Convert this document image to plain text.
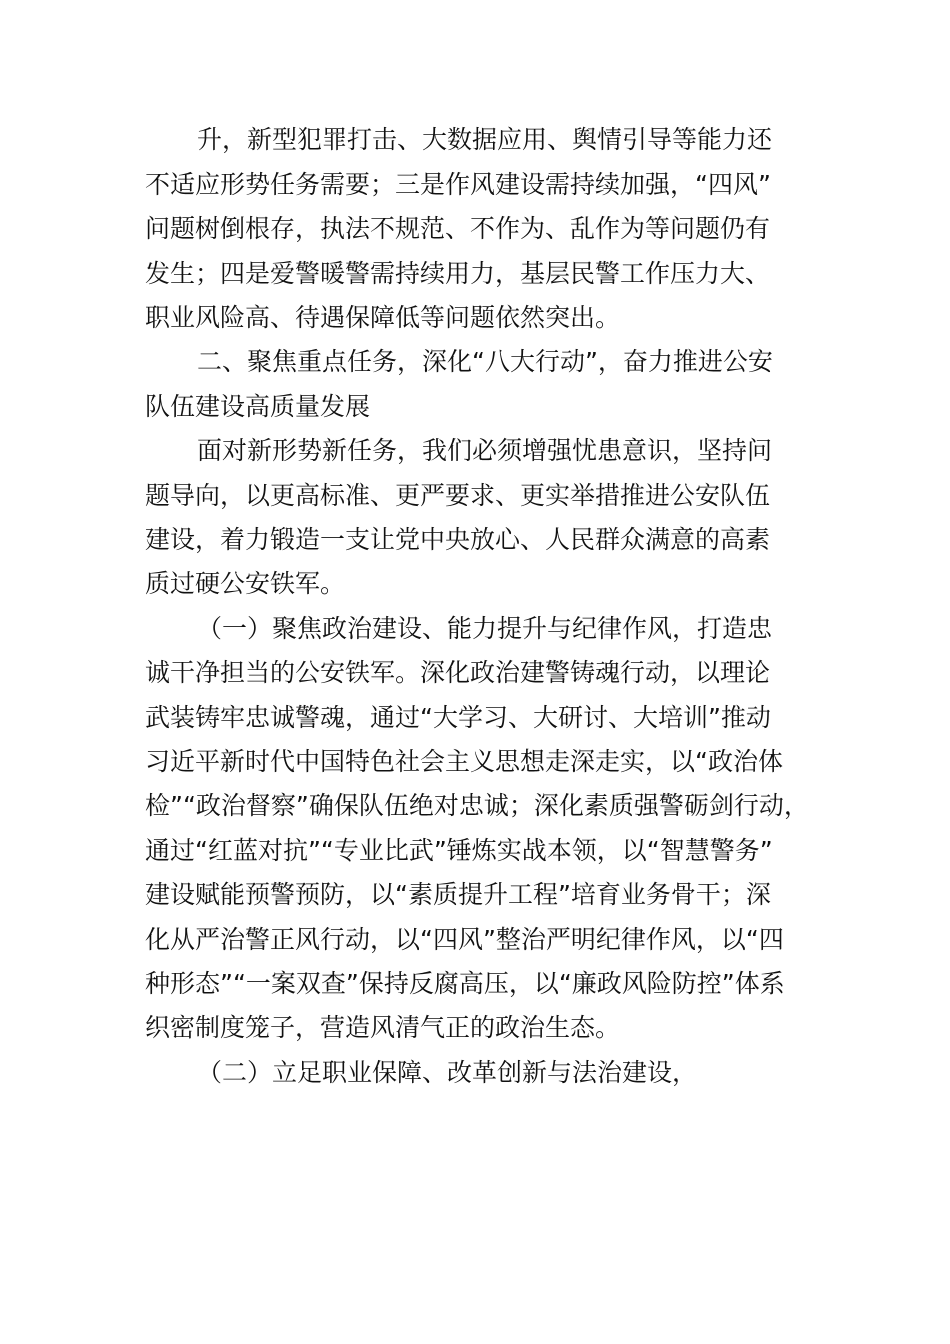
升，新型犯罪打击、大数据应用、舆情引导等能力还
不适应形势任务需要；三是作风建设需持续加强，“四风”
问题树倒根存，执法不规范、不作为、乱作为等问题仍有
发生；四是爱警暖警需持续用力，基层民警工作压力大、
职业风险高、待遇保障低等问题依然突出。
二、聚焦重点任务，深化“八大行动”，奋力推进公安
队伍建设高质量发展
面对新形势新任务，我们必须增强忧患意识，坚持问
题导向，以更高标准、更严要求、更实举措推进公安队伍
建设，着力锻造一支让党中央放心、人民群众满意的高素
质过硬公安铁军。
（一）聚焦政治建设、能力提升与纪律作风，打造忠
诚干净担当的公安铁军。深化政治建警铸魂行动，以理论
武装铸牢忠诚警魂，通过“大学习、大研讨、大培训”推动
习近平新时代中国特色社会主义思想走深走实，以“政治体
检”“政治督察”确保队伍绝对忠诚；深化素质强警砺剑行动，
通过“红蓝对抗”“专业比武”锤炼实战本领，以“智慧警务”
建设赋能预警预防，以“素质提升工程”培育业务骨干；深
化从严治警正风行动，以“四风”整治严明纪律作风，以“四
种形态”“一案双查”保持反腐高压，以“廉政风险防控”体系
织密制度笼子，营造风清气正的政治生态。
（二）立足职业保障、改革创新与法治建设，
